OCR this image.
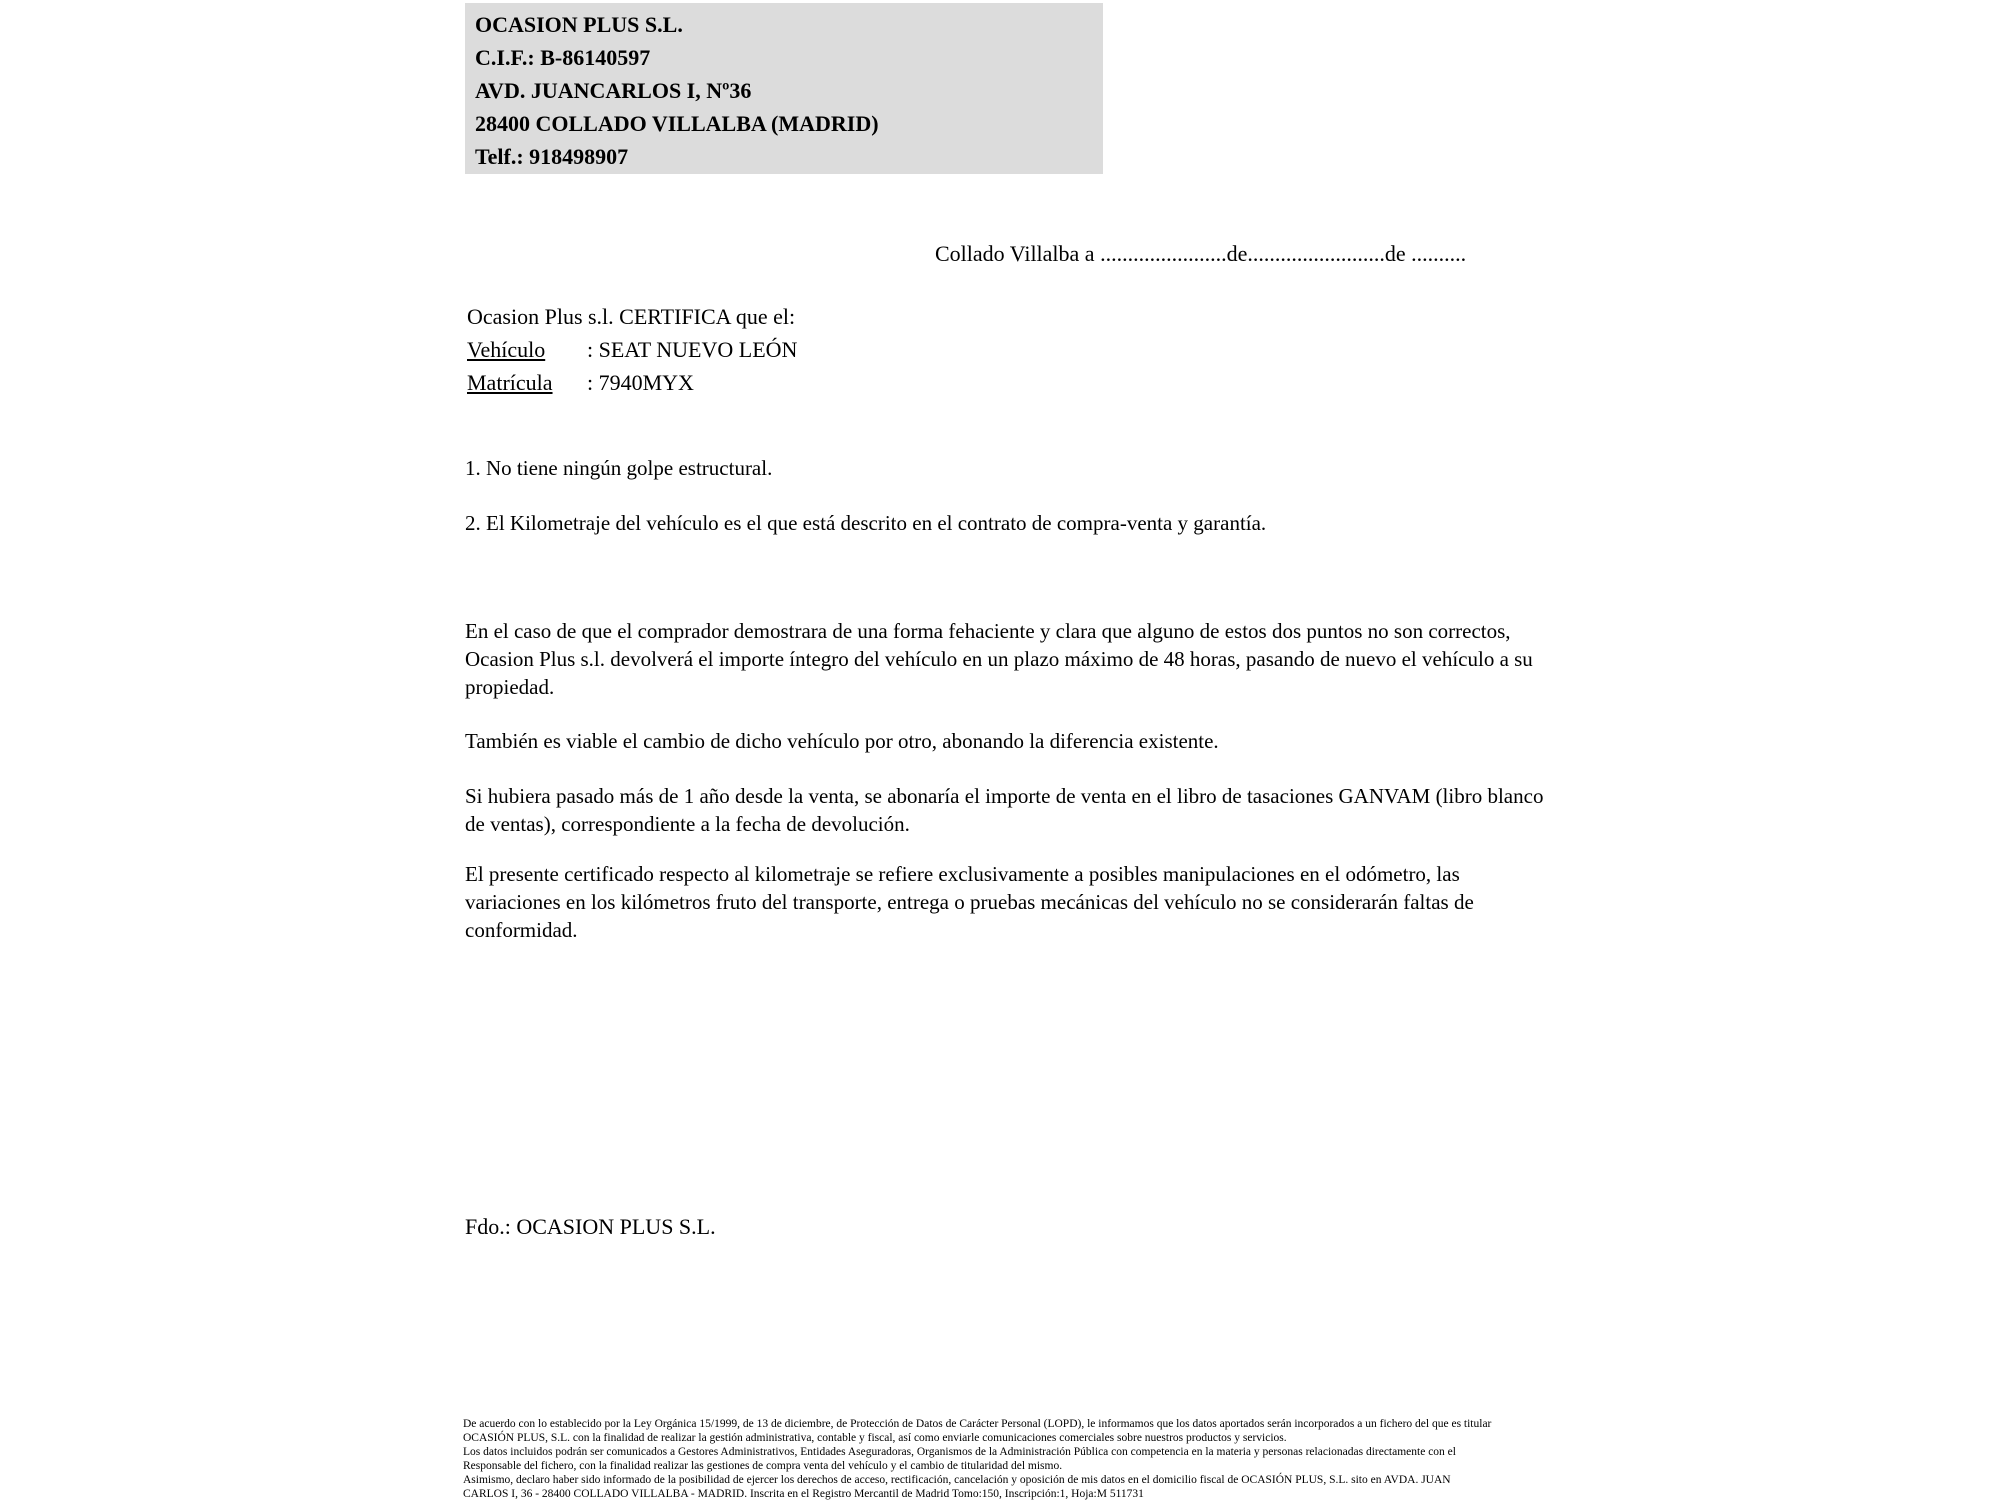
OCASION PLUS S.L.
C.I.F.: B-86140597
AVD. JUANCARLOS I, Nº36
28400 COLLADO VILLALBA (MADRID)
Telf.: 918498907
Collado Villalba a .......................de.........................de ..........
Ocasion Plus s.l. CERTIFICA que el:
Vehículo	: SEAT NUEVO LEÓN
Matrícula	: 7940MYX
1. No tiene ningún golpe estructural.
2. El Kilometraje del vehículo es el que está descrito en el contrato de compra-venta y garantía.
En el caso de que el comprador demostrara de una forma fehaciente y clara que alguno de estos dos puntos no son correctos, Ocasion Plus s.l. devolverá el importe íntegro del vehículo en un plazo máximo de 48 horas, pasando de nuevo el vehículo a su propiedad.
También es viable el cambio de dicho vehículo por otro, abonando la diferencia existente.
Si hubiera pasado más de 1 año desde la venta, se abonaría el importe de venta en el libro de tasaciones GANVAM (libro blanco de ventas), correspondiente a la fecha de devolución.
El presente certificado respecto al kilometraje se refiere exclusivamente a posibles manipulaciones en el odómetro, las variaciones en los kilómetros fruto del transporte, entrega o pruebas mecánicas del vehículo no se considerarán faltas de conformidad.
Fdo.: OCASION PLUS S.L.
De acuerdo con lo establecido por la Ley Orgánica 15/1999, de 13 de diciembre, de Protección de Datos de Carácter Personal (LOPD), le informamos que los datos aportados serán incorporados a un fichero del que es titular
OCASIÓN PLUS, S.L. con la finalidad de realizar la gestión administrativa, contable y fiscal, así como enviarle comunicaciones comerciales sobre nuestros productos y servicios.
Los datos incluidos podrán ser comunicados a Gestores Administrativos, Entidades Aseguradoras, Organismos de la Administración Pública con competencia en la materia y personas relacionadas directamente con el
Responsable del fichero, con la finalidad realizar las gestiones de compra venta del vehículo y el cambio de titularidad del mismo.
Asimismo, declaro haber sido informado de la posibilidad de ejercer los derechos de acceso, rectificación, cancelación y oposición de mis datos en el domicilio fiscal de OCASIÓN PLUS, S.L. sito en AVDA. JUAN
CARLOS I, 36 - 28400 COLLADO VILLALBA - MADRID. Inscrita en el Registro Mercantil de Madrid Tomo:150, Inscripción:1, Hoja:M 511731
